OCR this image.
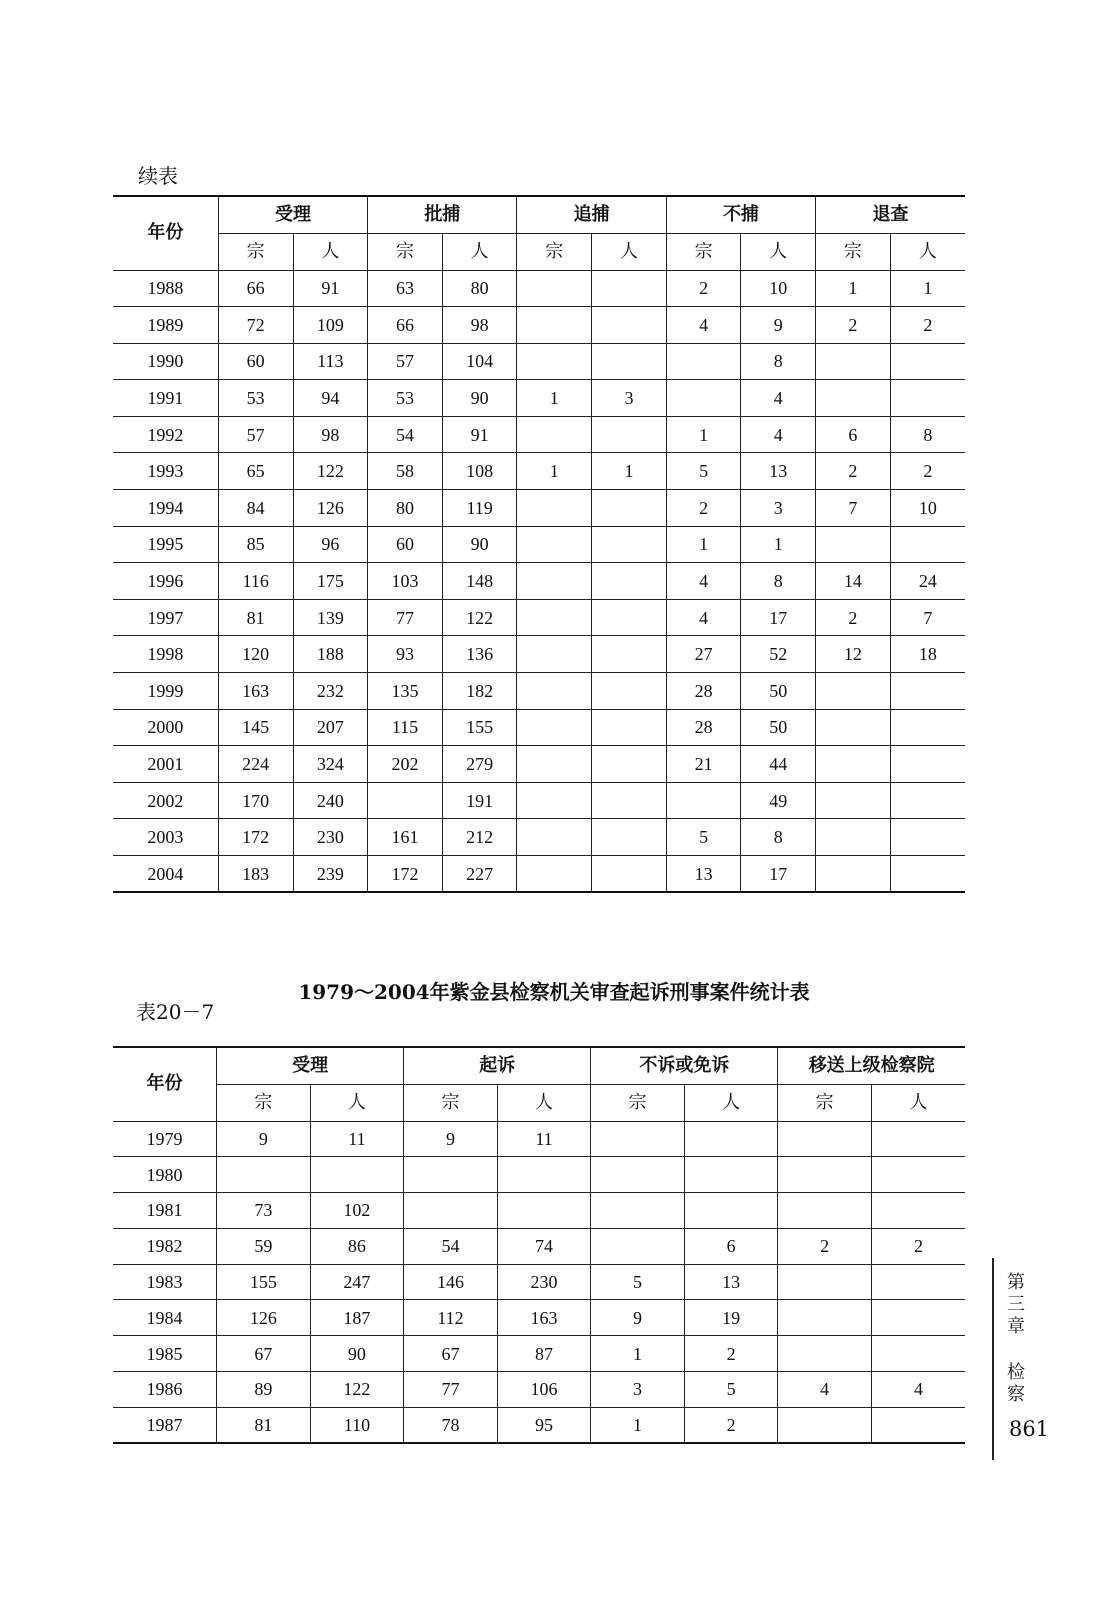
续表
年份	受理		批捕		追捕		不捕		退查	
	宗	人	宗	人	宗	人	宗	人	宗	人
1988	66	91	63	80			2	10	1	1
1989	72	109	66	98			4	9	2	2
1990	60	113	57	104				8		
1991	53	94	53	90	1	3		4		
1992	57	98	54	91			1	4	6	8
1993	65	122	58	108	1	1	5	13	2	2
1994	84	126	80	119			2	3	7	10
1995	85	96	60	90			1	1		
1996	116	175	103	148			4	8	14	24
1997	81	139	77	122			4	17	2	7
1998	120	188	93	136			27	52	12	18
1999	163	232	135	182			28	50		
2000	145	207	115	155			28	50		
2001	224	324	202	279			21	44		
2002	170	240		191				49		
2003	172	230	161	212			5	8		
2004	183	239	172	227			13	17		
1979～2004年紫金县检察机关审查起诉刑事案件统计表
表20－7
年份	受理		起诉		不诉或免诉		移送上级检察院	
	宗	人	宗	人	宗	人	宗	人
1979	9	11	9	11				
1980								
1981	73	102						
1982	59	86	54	74		6	2	2
1983	155	247	146	230	5	13		
1984	126	187	112	163	9	19		
1985	67	90	67	87	1	2		
1986	89	122	77	106	3	5	4	4
1987	81	110	78	95	1	2		
第
三
章
检
察
861
